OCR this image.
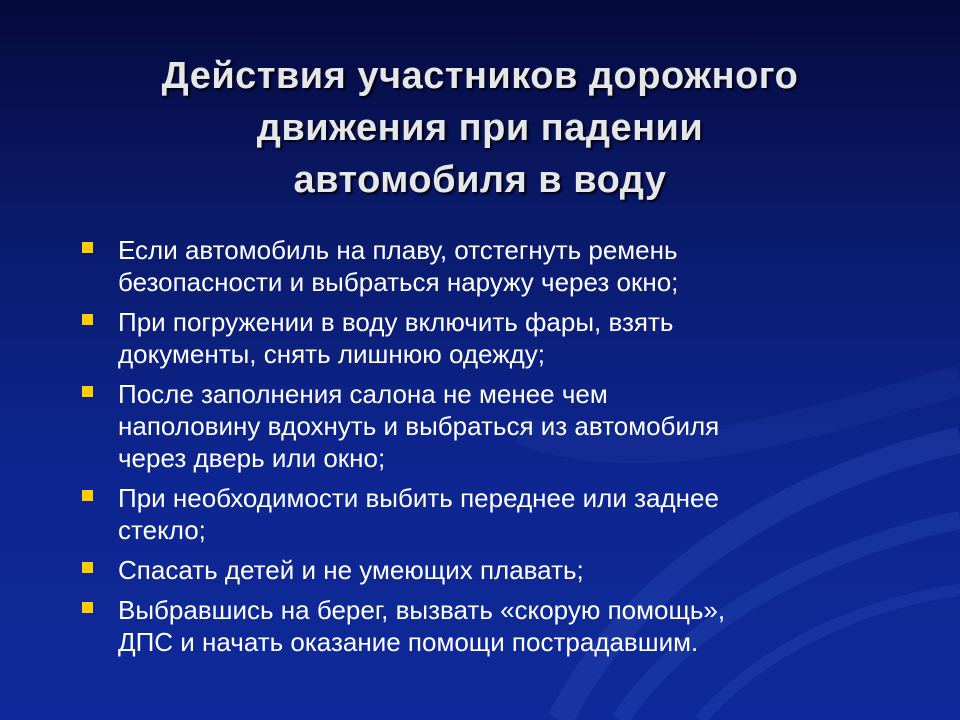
Действия участников дорожного
движения при падении
автомобиля в воду
Если автомобиль на плаву, отстегнуть ремень
безопасности и выбраться наружу через окно;
При погружении в воду включить фары, взять
документы, снять лишнюю одежду;
После заполнения салона не менее чем
наполовину вдохнуть и выбраться из автомобиля
через дверь или окно;
При необходимости выбить переднее или заднее
стекло;
Спасать детей и не умеющих плавать;
Выбравшись на берег, вызвать «скорую помощь»,
ДПС и начать оказание помощи пострадавшим.
